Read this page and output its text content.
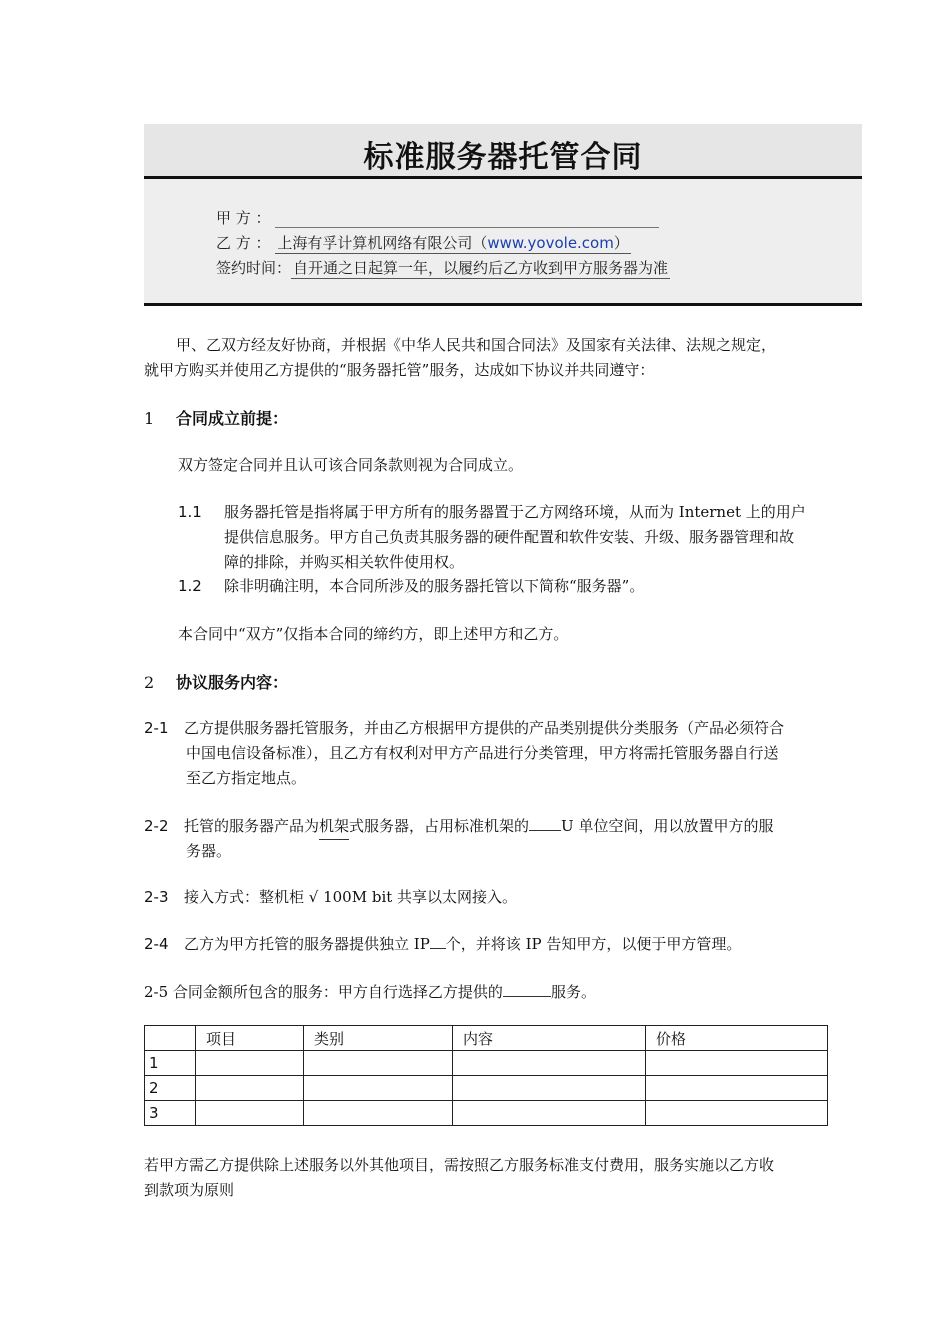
标准服务器托管合同
甲 方 ：
乙 方 ： 上海有孚计算机网络有限公司（www.yovole.com）
签约时间： 自开通之日起算一年，以履约后乙方收到甲方服务器为准
甲、乙双方经友好协商，并根据《中华人民共和国合同法》及国家有关法律、法规之规定，
就甲方购买并使用乙方提供的“服务器托管”服务，达成如下协议并共同遵守：
1 合同成立前提：
双方签定合同并且认可该合同条款则视为合同成立。
1.1 服务器托管是指将属于甲方所有的服务器置于乙方网络环境，从而为 Internet 上的用户
提供信息服务。甲方自己负责其服务器的硬件配置和软件安装、升级、服务器管理和故
障的排除，并购买相关软件使用权。
1.2 除非明确注明，本合同所涉及的服务器托管以下简称“服务器”。
本合同中“双方”仅指本合同的缔约方，即上述甲方和乙方。
2 协议服务内容：
2-1 乙方提供服务器托管服务，并由乙方根据甲方提供的产品类别提供分类服务（产品必须符合
中国电信设备标准），且乙方有权利对甲方产品进行分类管理，甲方将需托管服务器自行送
至乙方指定地点。
2-2 托管的服务器产品为机架式服务器，占用标准机架的 U 单位空间，用以放置甲方的服
务器。
2-3 接入方式：整机柜 √ 100M bit 共享以太网接入。
2-4 乙方为甲方托管的服务器提供独立 IP 个，并将该 IP 告知甲方，以便于甲方管理。
2-5 合同金额所包含的服务：甲方自行选择乙方提供的	服务。
	项目	类别	内容	价格
1				
2				
3				
若甲方需乙方提供除上述服务以外其他项目，需按照乙方服务标准支付费用，服务实施以乙方收
到款项为原则
